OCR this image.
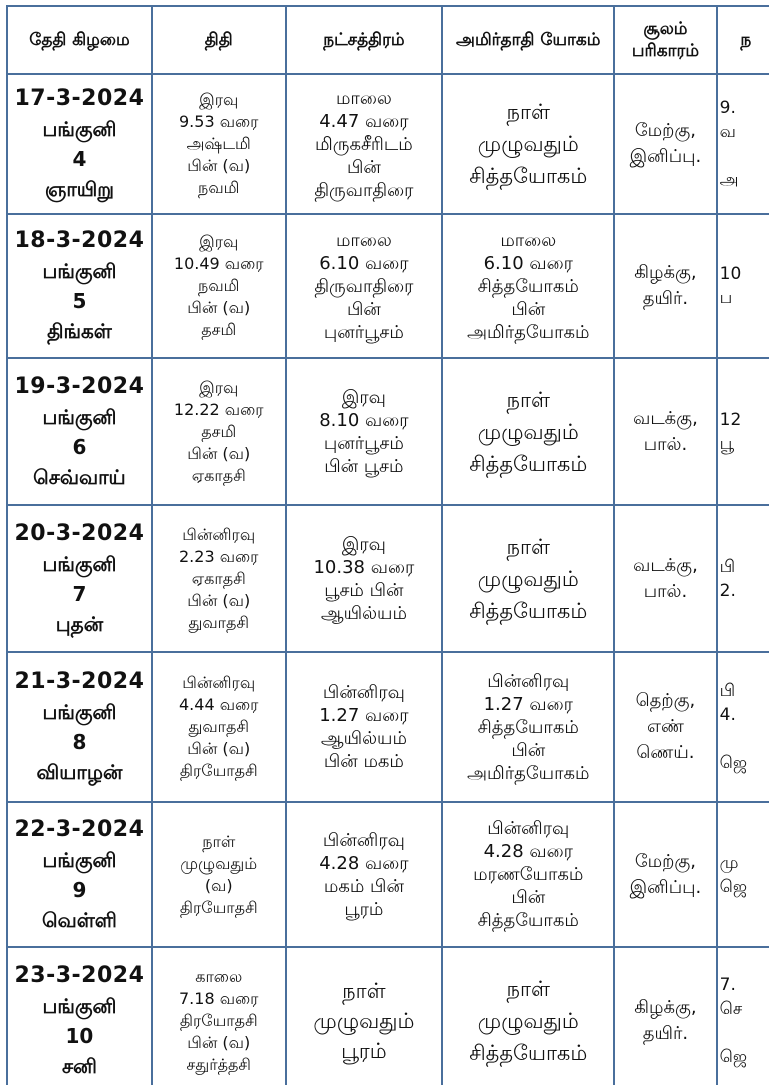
தேதி கிழமை	திதி	நட்சத்திரம்	அமிர்தாதி யோகம்	சூலம் பரிகாரம்	ந

17-3-2024
பங்குனி
4
ஞாயிறு	இரவு
9.53 வரை
அஷ்டமி
பின் (வ)
நவமி	மாலை
4.47 வரை
மிருகசீரிடம்
பின்
திருவாதிரை	நாள்
முழுவதும்
சித்தயோகம்	மேற்கு,
இனிப்பு.	9.
வ

அ

18-3-2024
பங்குனி
5
திங்கள்	இரவு
10.49 வரை
நவமி
பின் (வ)
தசமி	மாலை
6.10 வரை
திருவாதிரை
பின்
புனர்பூசம்	மாலை
6.10 வரை
சித்தயோகம்
பின்
அமிர்தயோகம்	கிழக்கு,
தயிர்.	10
ப

19-3-2024
பங்குனி
6
செவ்வாய்	இரவு
12.22 வரை
தசமி
பின் (வ)
ஏகாதசி	இரவு
8.10 வரை
புனர்பூசம்
பின் பூசம்	நாள்
முழுவதும்
சித்தயோகம்	வடக்கு,
பால்.	12
பூ

20-3-2024
பங்குனி
7
புதன்	பின்னிரவு
2.23 வரை
ஏகாதசி
பின் (வ)
துவாதசி	இரவு
10.38 வரை
பூசம் பின்
ஆயில்யம்	நாள்
முழுவதும்
சித்தயோகம்	வடக்கு,
பால்.	பி
2.

21-3-2024
பங்குனி
8
வியாழன்	பின்னிரவு
4.44 வரை
துவாதசி
பின் (வ)
திரயோதசி	பின்னிரவு
1.27 வரை
ஆயில்யம்
பின் மகம்	பின்னிரவு
1.27 வரை
சித்தயோகம்
பின்
அமிர்தயோகம்	தெற்கு,
எண்
ணெய்.	பி
4.

ஜெ

22-3-2024
பங்குனி
9
வெள்ளி	நாள்
முழுவதும்
(வ)
திரயோதசி	பின்னிரவு
4.28 வரை
மகம் பின்
பூரம்	பின்னிரவு
4.28 வரை
மரணயோகம்
பின்
சித்தயோகம்	மேற்கு,
இனிப்பு.	மு
ஜெ

23-3-2024
பங்குனி
10
சனி	காலை
7.18 வரை
திரயோதசி
பின் (வ)
சதுர்த்தசி	நாள்
முழுவதும்
பூரம்	நாள்
முழுவதும்
சித்தயோகம்	கிழக்கு,
தயிர்.	7.
செ

ஜெ
